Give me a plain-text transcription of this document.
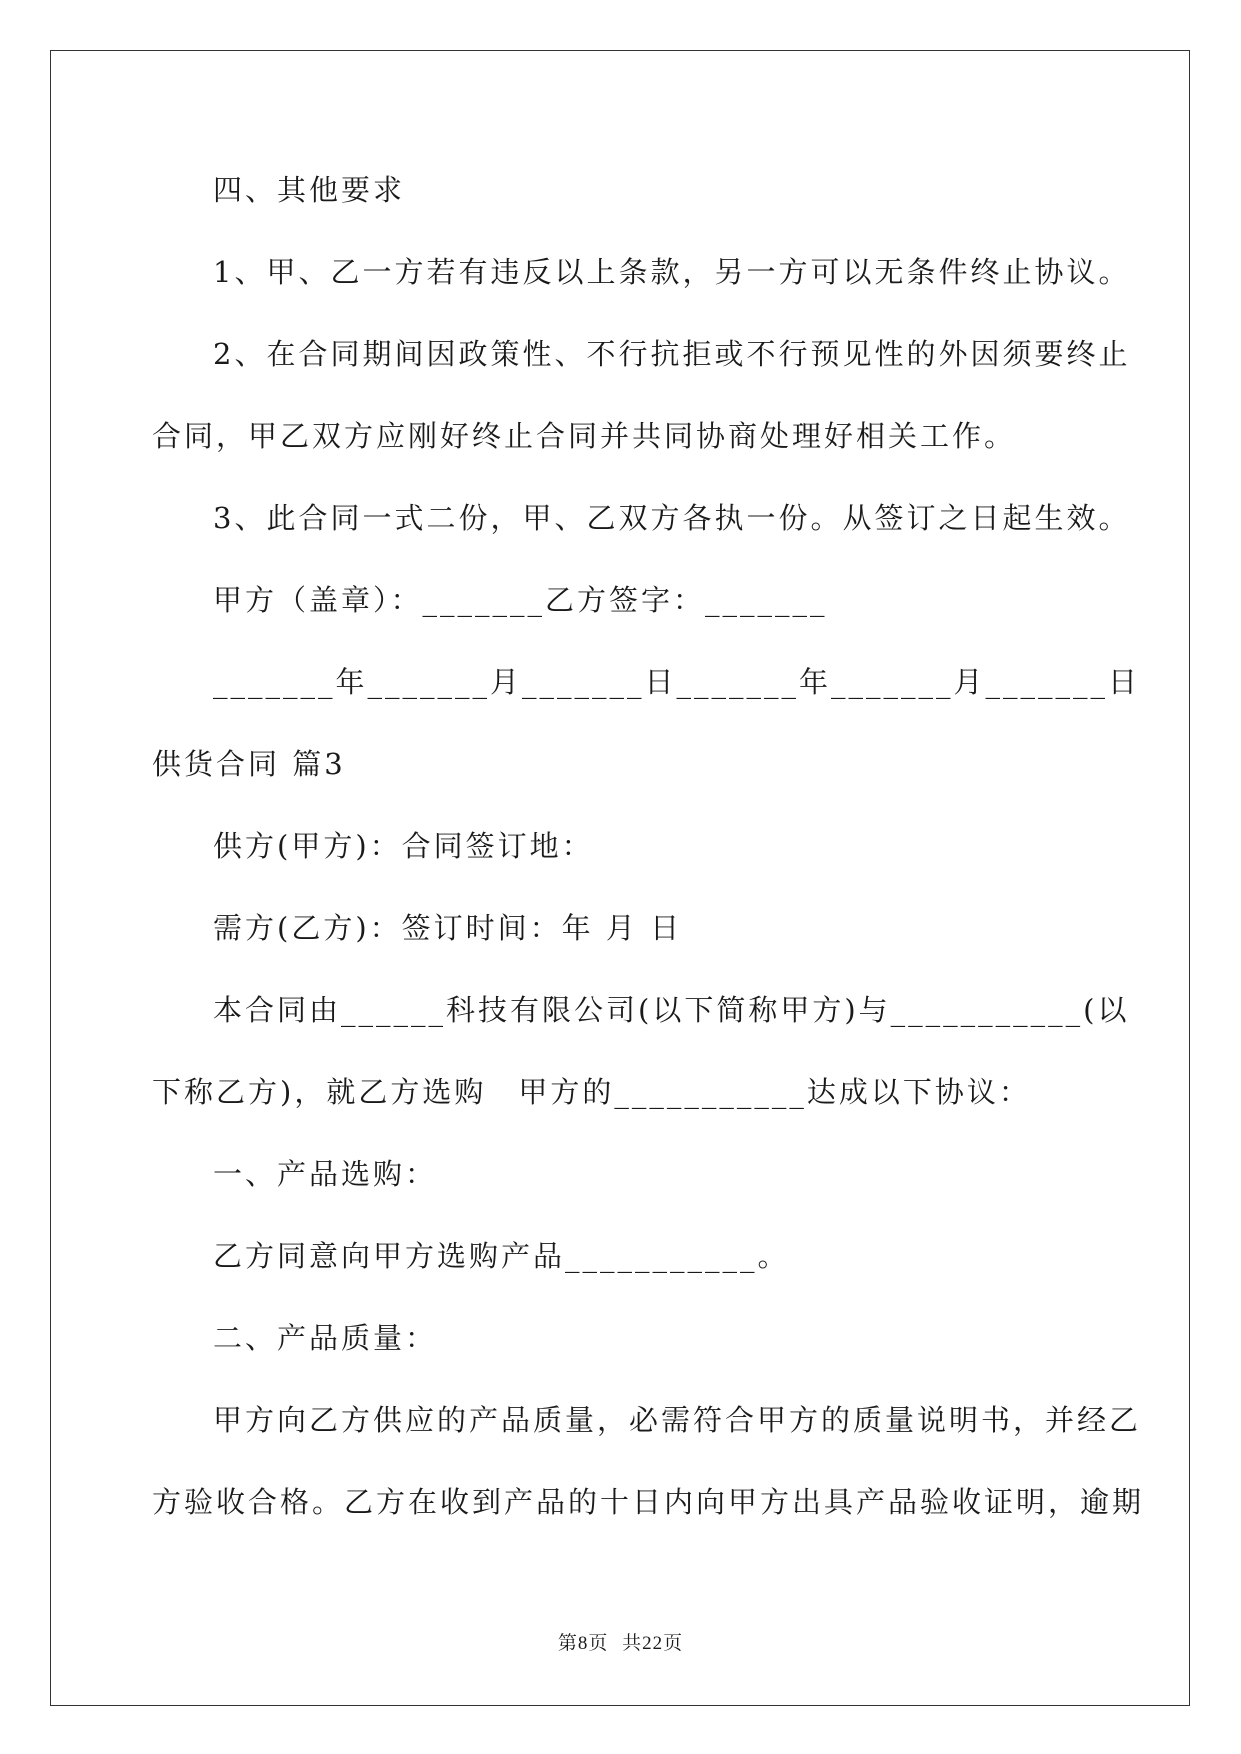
四、其他要求
1、甲、乙一方若有违反以上条款，另一方可以无条件终止协议。
2、在合同期间因政策性、不行抗拒或不行预见性的外因须要终止
合同，甲乙双方应刚好终止合同并共同协商处理好相关工作。
3、此合同一式二份，甲、乙双方各执一份。从签订之日起生效。
甲方（盖章）：_______乙方签字：_______
_______年_______月_______日_______年_______月_______日
供货合同 篇3
供方(甲方)：合同签订地：
需方(乙方)：签订时间：年 月 日
本合同由______科技有限公司(以下简称甲方)与___________(以
下称乙方)，就乙方选购　甲方的___________达成以下协议：
一、产品选购：
乙方同意向甲方选购产品___________。
二、产品质量：
甲方向乙方供应的产品质量，必需符合甲方的质量说明书，并经乙
方验收合格。乙方在收到产品的十日内向甲方出具产品验收证明，逾期
第8页 共22页
